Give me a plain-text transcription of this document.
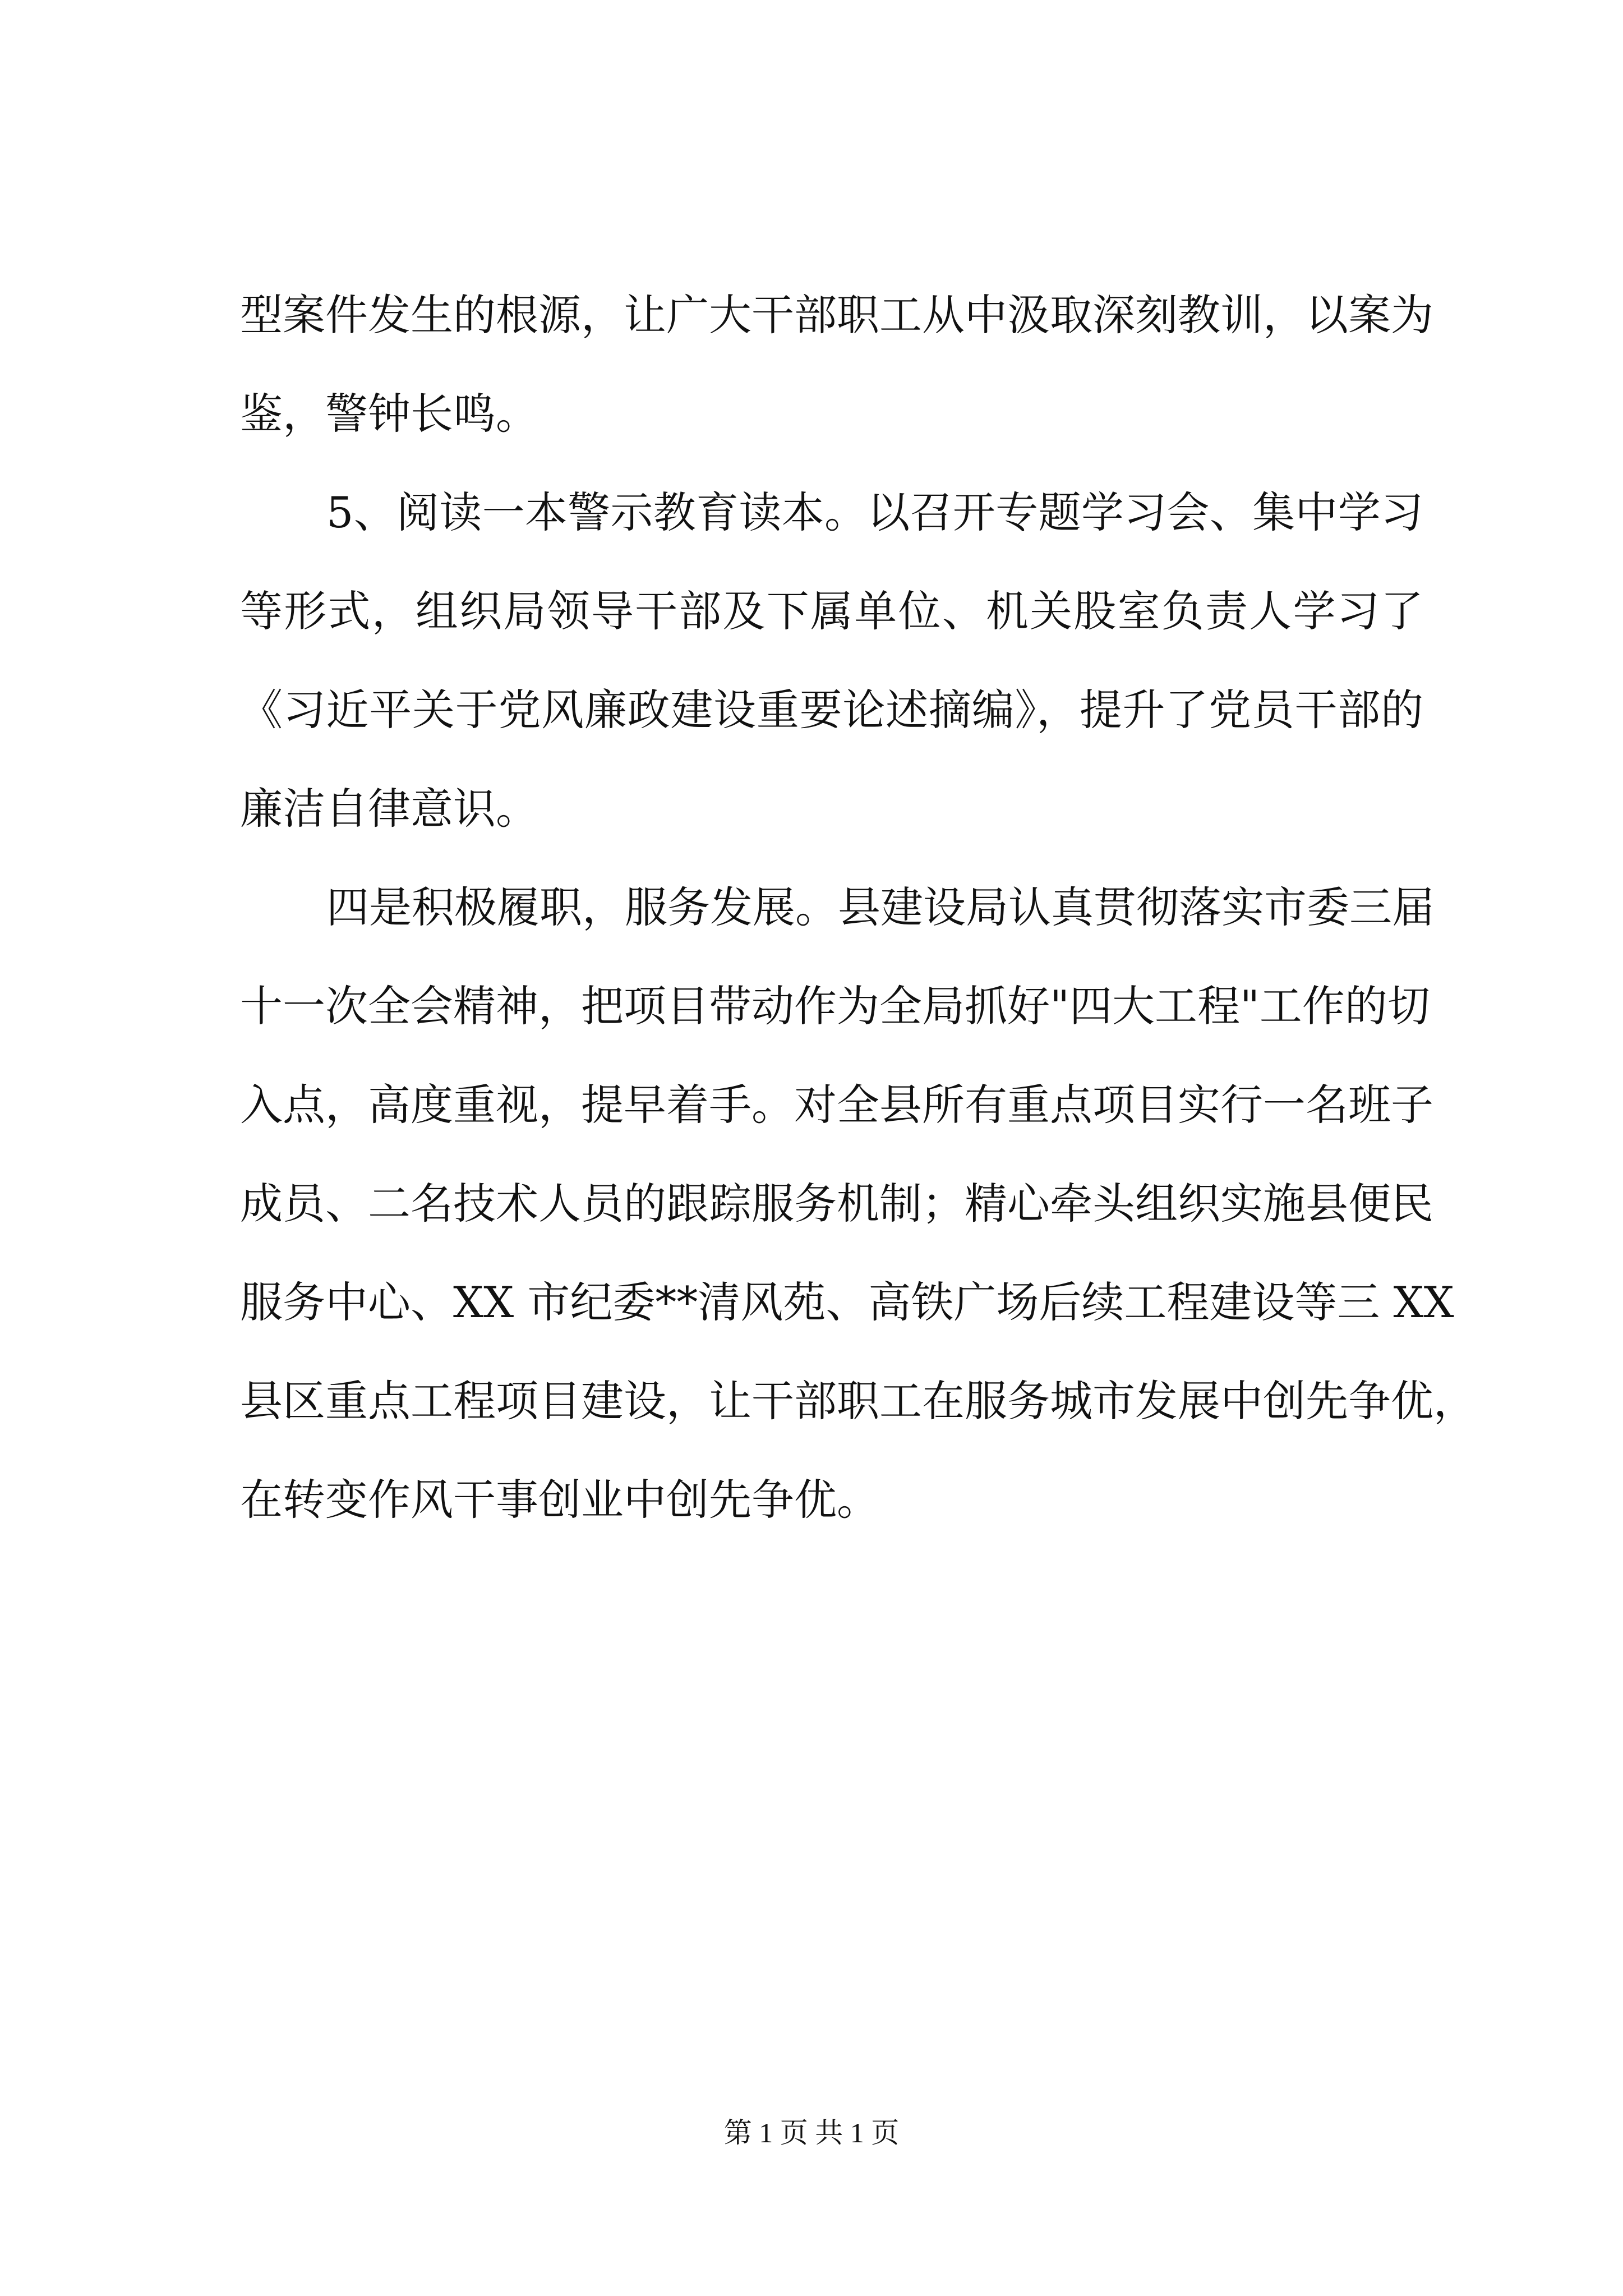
型案件发生的根源，让广大干部职工从中汲取深刻教训，以案为
鉴，警钟长鸣。
5、阅读一本警示教育读本。以召开专题学习会、集中学习
等形式，组织局领导干部及下属单位、机关股室负责人学习了
《习近平关于党风廉政建设重要论述摘编》，提升了党员干部的
廉洁自律意识。
四是积极履职，服务发展。县建设局认真贯彻落实市委三届
十一次全会精神，把项目带动作为全局抓好"四大工程"工作的切
入点，高度重视，提早着手。对全县所有重点项目实行一名班子
成员、二名技术人员的跟踪服务机制；精心牵头组织实施县便民
服务中心、XX 市纪委**清风苑、高铁广场后续工程建设等三 XX
县区重点工程项目建设，让干部职工在服务城市发展中创先争优，
在转变作风干事创业中创先争优。
第 1 页 共 1 页
